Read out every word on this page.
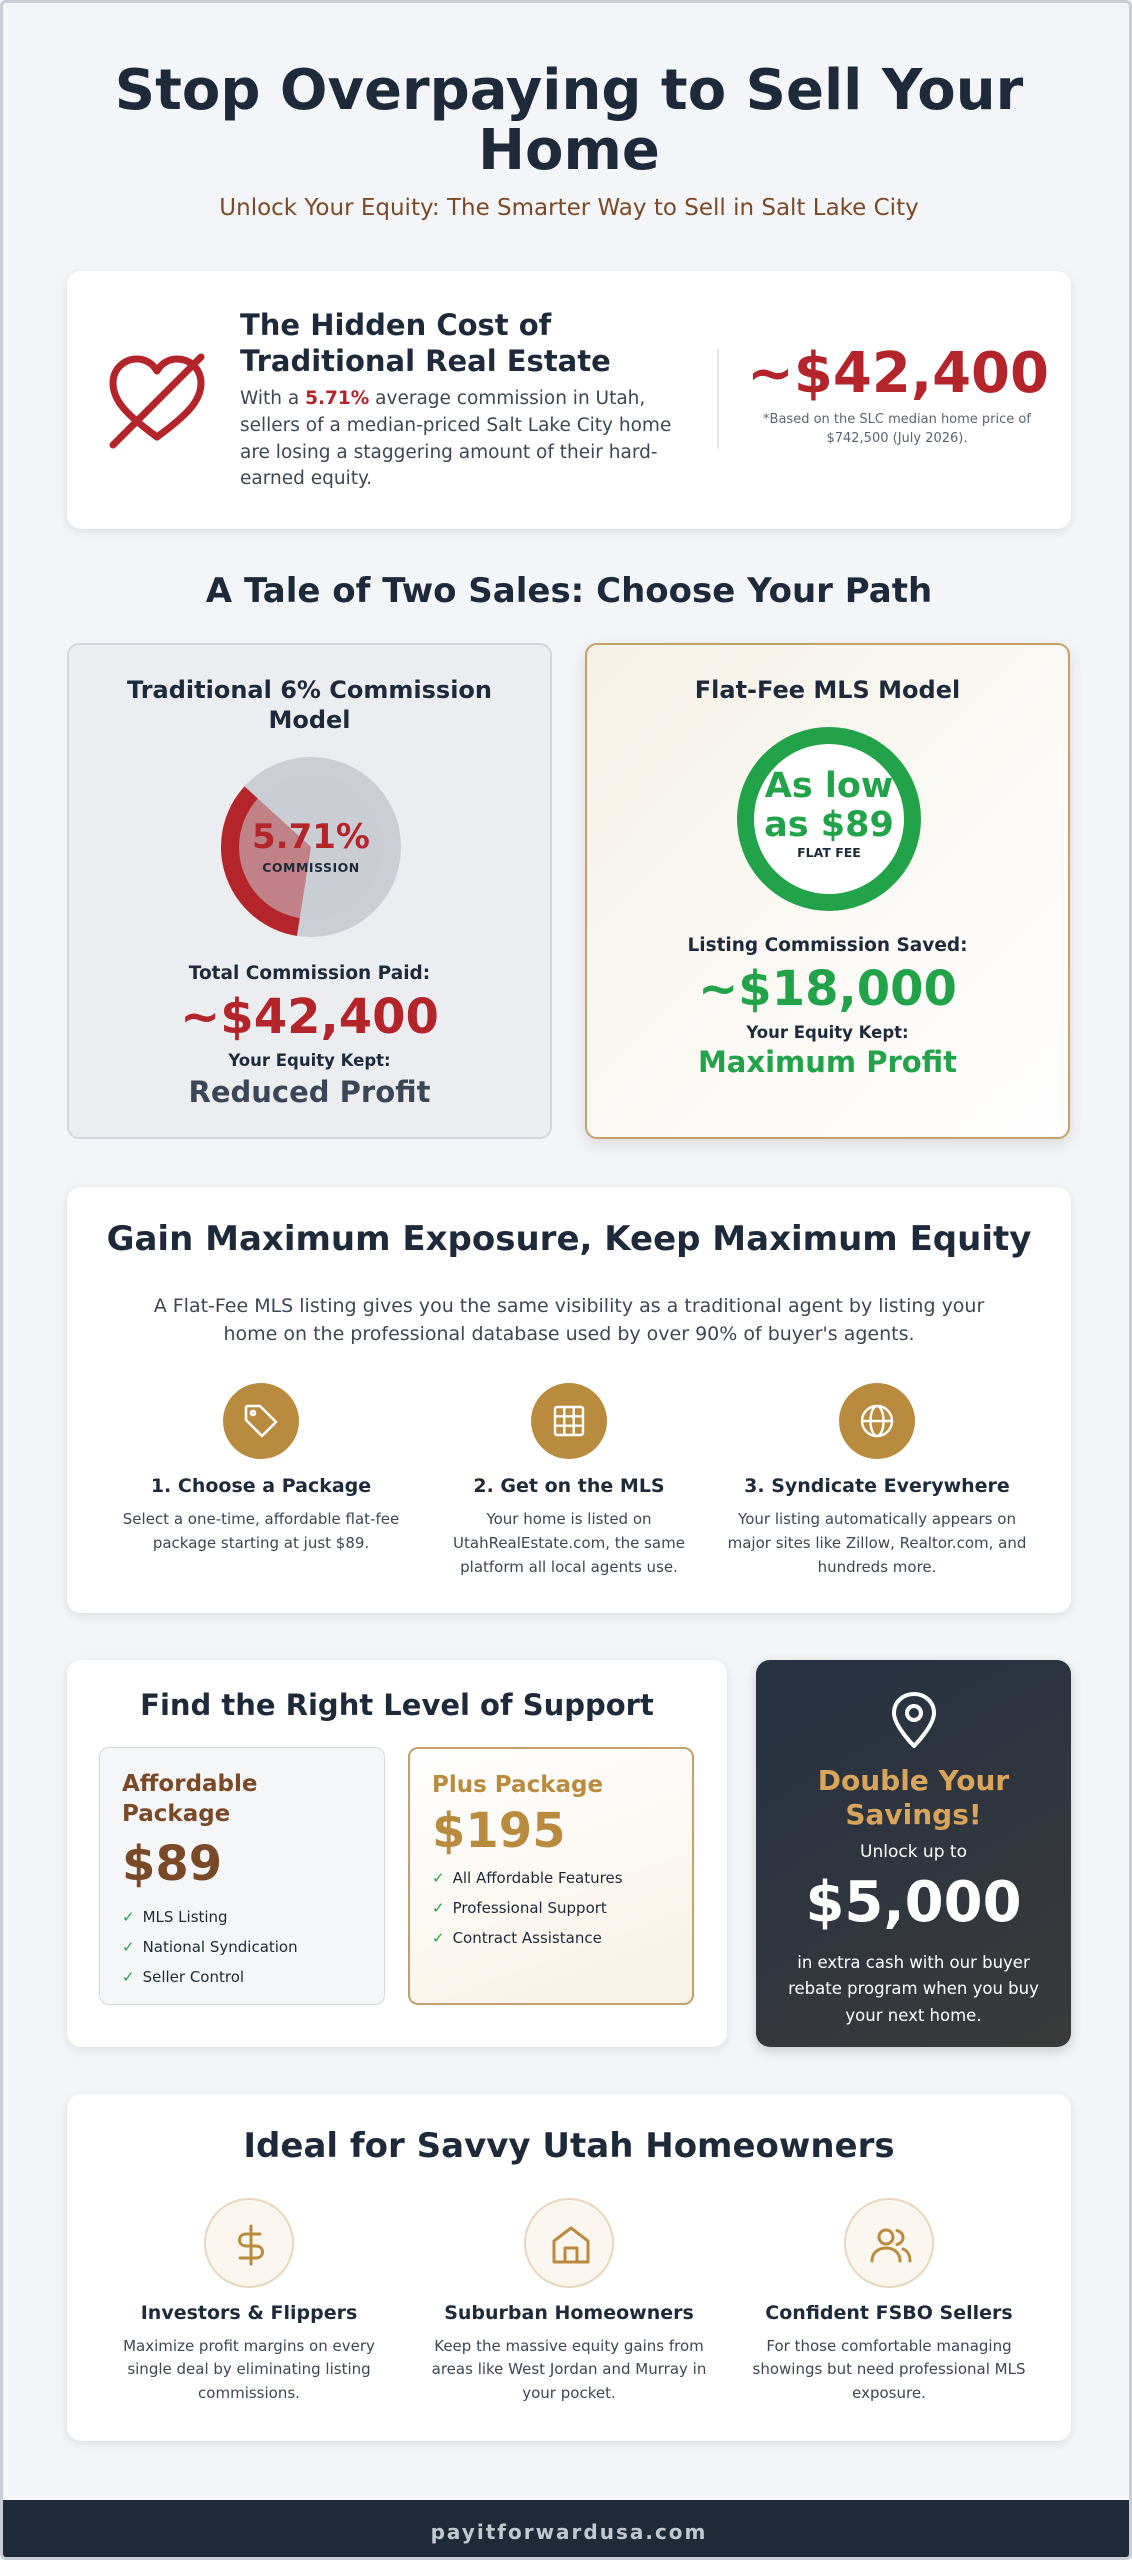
Stop Overpaying to Sell Your Home
Unlock Your Equity: The Smarter Way to Sell in Salt Lake City
The Hidden Cost of Traditional Real Estate
With a 5.71% average commission in Utah, sellers of a median-priced Salt Lake City home are losing a staggering amount of their hard-earned equity.
~$42,400
*Based on the SLC median home price of $742,500 (July 2026).
A Tale of Two Sales: Choose Your Path
Traditional 6% Commission Model
5.71%
COMMISSION
Total Commission Paid:
~$42,400
Your Equity Kept:
Reduced Profit
Flat-Fee MLS Model
As low
as $89
FLAT FEE
Listing Commission Saved:
~$18,000
Your Equity Kept:
Maximum Profit
Gain Maximum Exposure, Keep Maximum Equity
A Flat-Fee MLS listing gives you the same visibility as a traditional agent by listing your home on the professional database used by over 90% of buyer's agents.
1. Choose a Package
Select a one-time, affordable flat-fee package starting at just $89.
2. Get on the MLS
Your home is listed on UtahRealEstate.com, the same platform all local agents use.
3. Syndicate Everywhere
Your listing automatically appears on major sites like Zillow, Realtor.com, and hundreds more.
Find the Right Level of Support
Affordable Package
$89
✓ MLS Listing
✓ National Syndication
✓ Seller Control
Plus Package
$195
✓ All Affordable Features
✓ Professional Support
✓ Contract Assistance
Double Your Savings!
Unlock up to
$5,000
in extra cash with our buyer rebate program when you buy your next home.
Ideal for Savvy Utah Homeowners
Investors & Flippers
Maximize profit margins on every single deal by eliminating listing commissions.
Suburban Homeowners
Keep the massive equity gains from areas like West Jordan and Murray in your pocket.
Confident FSBO Sellers
For those comfortable managing showings but need professional MLS exposure.
payitforwardusa.com
